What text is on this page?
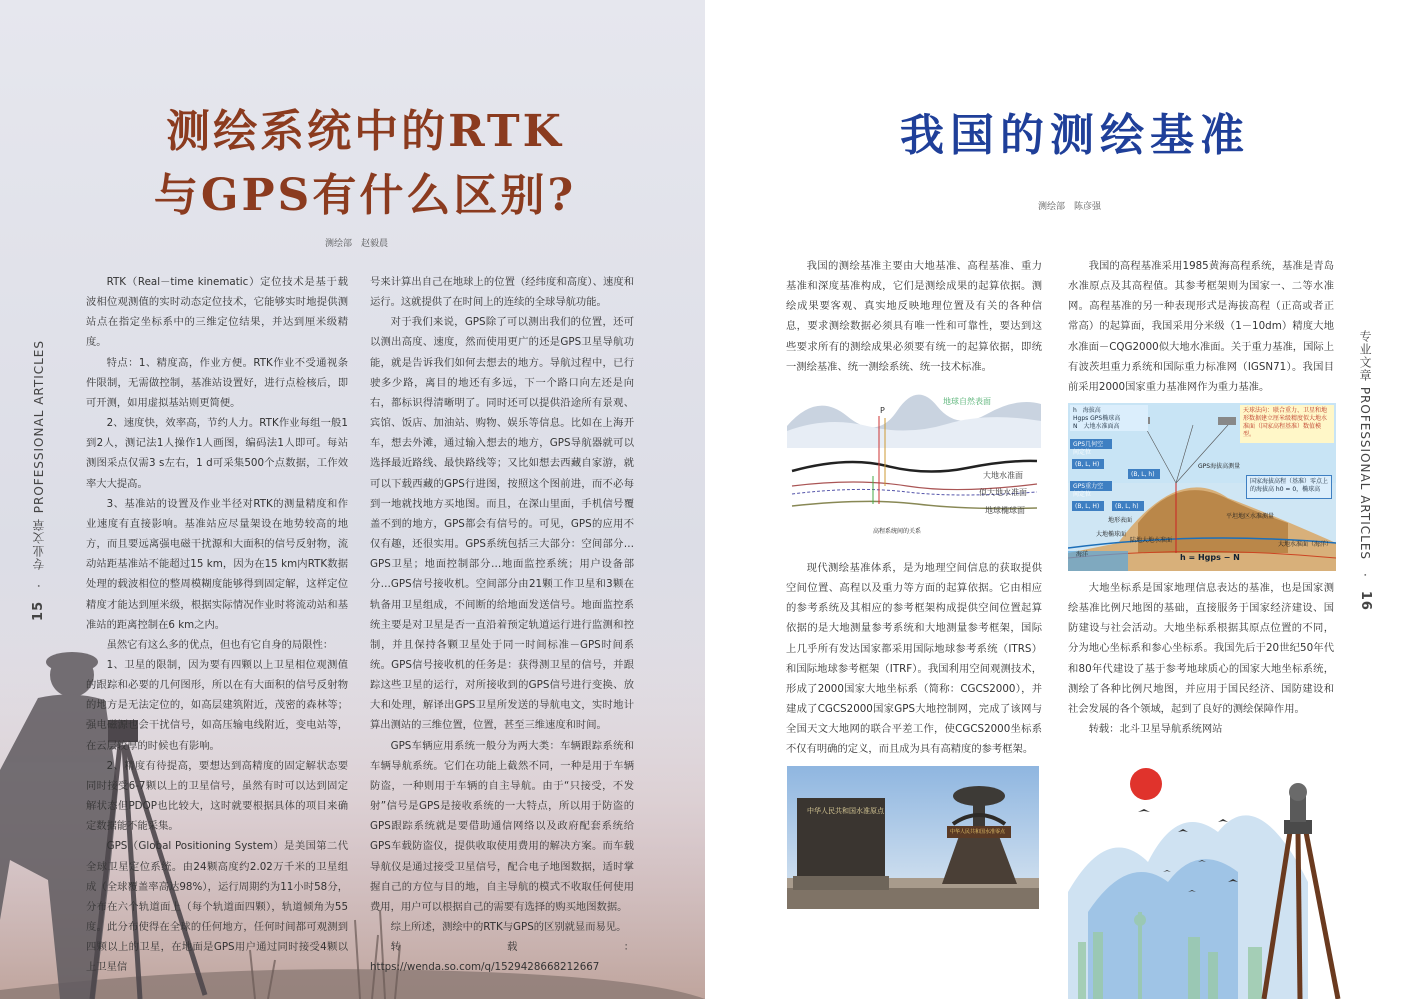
测绘系统中的RTK
与GPS有什么区别?
测绘部　赵毅晨
15　·　专业文章 PROFESSIONAL ARTICLES

RTK（Real－time kinematic）定位技术是基于载波相位观测值的实时动态定位技术，它能够实时地提供测站点在指定坐标系中的三维定位结果，并达到厘米级精度。

特点：1、精度高，作业方便。RTK作业不受通视条件限制，无需做控制，基准站设置好，进行点检核后，即可开测，如用虚拟基站则更简便。

2、速度快，效率高，节约人力。RTK作业每组一般1到2人，测记法1人操作1人画图，编码法1人即可。每站测图采点仅需3 s左右，1 d可采集500个点数据，工作效率大大提高。

3、基准站的设置及作业半径对RTK的测量精度和作业速度有直接影响。基准站应尽量架设在地势较高的地方，而且要远离强电磁干扰源和大面积的信号反射物，流动站距基准站不能超过15 km，因为在15 km内RTK数据处理的载波相位的整周模糊度能够得到固定解，这样定位精度才能达到厘米级，根据实际情况作业时将流动站和基准站的距离控制在6 km之内。

虽然它有这么多的优点，但也有它自身的局限性：

1、卫星的限制，因为要有四颗以上卫星相位观测值的跟踪和必要的几何图形，所以在有大面积的信号反射物的地方是无法定位的，如高层建筑附近，茂密的森林等；强电磁源也会干扰信号，如高压输电线附近，变电站等，在云层较厚的时候也有影响。

2、精度有待提高，要想达到高精度的固定解状态要同时接受6-7颗以上的卫星信号，虽然有时可以达到固定解状态但PDOP也比较大，这时就要根据具体的项目来确定数据能不能采集。

GPS（Global Positioning System）是美国第二代全球卫星定位系统。由24颗高度约2.02万千米的卫星组成（全球覆盖率高达98%），运行周期约为11小时58分，分布在六个轨道面上（每个轨道面四颗），轨道倾角为55度。此分布使得在全球的任何地方，任何时间都可观测到四颗以上的卫星，在地面是GPS用户通过同时接受4颗以上卫星信

号来计算出自己在地球上的位置（经纬度和高度）、速度和运行。这就提供了在时间上的连续的全球导航功能。

对于我们来说，GPS除了可以测出我们的位置，还可以测出高度、速度，然而使用更广的还是GPS卫星导航功能，就是告诉我们如何去想去的地方。导航过程中，已行驶多少路，离目的地还有多远，下一个路口向左还是向右，都标识得清晰明了。同时还可以提供沿途所有景观、宾馆、饭店、加油站、购物、娱乐等信息。比如在上海开车，想去外滩，通过输入想去的地方，GPS导航器就可以选择最近路线、最快路线等；又比如想去西藏自家游，就可以下载西藏的GPS行进图，按照这个图前进，而不必每到一地就找地方买地图。而且，在深山里面，手机信号覆盖不到的地方，GPS都会有信号的。可见，GPS的应用不仅有趣，还很实用。GPS系统包括三大部分：空间部分…GPS卫星；地面控制部分…地面监控系统；用户设备部分…GPS信号接收机。空间部分由21颗工作卫星和3颗在轨备用卫星组成，不间断的给地面发送信号。地面监控系统主要是对卫星是否一直沿着预定轨道运行进行监测和控制，并且保持各颗卫星处于同一时间标准－GPS时间系统。GPS信号接收机的任务是：获得测卫星的信号，并跟踪这些卫星的运行，对所接收到的GPS信号进行变换、放大和处理，解译出GPS卫星所发送的导航电文，实时地计算出测站的三维位置，位置，甚至三维速度和时间。

GPS车辆应用系统一般分为两大类：车辆跟踪系统和车辆导航系统。它们在功能上截然不同，一种是用于车辆防盗，一种则用于车辆的自主导航。由于“只接受，不发射”信号是GPS是接收系统的一大特点，所以用于防盗的GPS跟踪系统就是要借助通信网络以及政府配套系统给GPS车载防盗仪，提供收取使用费用的解决方案。而车载导航仪是通过接受卫星信号，配合电子地图数据，适时掌握自己的方位与目的地，自主导航的模式不收取任何使用费用，用户可以根据自己的需要有选择的购买地图数据。

综上所述，测绘中的RTK与GPS的区别就显而易见。

转载：https://wenda.so.com/q/1529428668212667

我国的测绘基准
测绘部　陈彦强
专业文章 PROFESSIONAL ARTICLES　·　16

我国的测绘基准主要由大地基准、高程基准、重力基准和深度基准构成，它们是测绘成果的起算依据。测绘成果要客观、真实地反映地理位置及有关的各种信息，要求测绘数据必须具有唯一性和可靠性，要达到这些要求所有的测绘成果必须要有统一的起算依据，即统一测绘基准、统一测绘系统、统一技术标准。

我国的高程基准采用1985黄海高程系统，基准是青岛水准原点及其高程值。其参考框架则为国家一、二等水准网。高程基准的另一种表现形式是海拔高程（正高或者正常高）的起算面，我国采用分米级（1－10dm）精度大地水准面－CQG2000似大地水准面。关于重力基准，国际上有波茨坦重力系统和国际重力标准网（IGSN71）。我国目前采用2000国家重力基准网作为重力基准。

P
地球自然表面
大地水准面
似大地水准面
地球椭球面
高程系统间的关系
h　海拔高
Hgps GPS椭球高
N　大地水准面高
天球法向：联合重力、卫星和地形数据建立厘米级精度似大地水准面（国家高程基准）数值模型。
GPS几何空间定位
(B, L, H)
(B, L, h)
GPS重力空间定位
(B, L, H)	(B, L, h)
GPS海拔高测量
国家海拔高程（基准）零点上的海拔高 h0 = 0，椭球高
大地椭球面
平坦地区水准测量
地形表面
陆地大地水准面
海洋
大地水准面（海洋）
h = Hgps − N

现代测绘基准体系，是为地理空间信息的获取提供空间位置、高程以及重力等方面的起算依据。它由相应的参考系统及其相应的参考框架构成提供空间位置起算依据的是大地测量参考系统和大地测量参考框架，国际上几乎所有发达国家都采用国际地球参考系统（ITRS）和国际地球参考框架（ITRF）。我国利用空间观测技术，形成了2000国家大地坐标系（简称：CGCS2000），并建成了CGCS2000国家GPS大地控制网，完成了该网与全国天文大地网的联合平差工作，使CGCS2000坐标系不仅有明确的定义，而且成为具有高精度的参考框架。

大地坐标系是国家地理信息表达的基准，也是国家测绘基准比例尺地图的基础，直接服务于国家经济建设、国防建设与社会活动。大地坐标系根据其原点位置的不同，分为地心坐标系和参心坐标系。我国先后于20世纪50年代和80年代建设了基于参考地球质心的国家大地坐标系统，测绘了各种比例尺地图，并应用于国民经济、国防建设和社会发展的各个领域，起到了良好的测绘保障作用。

转载：北斗卫星导航系统网站

中华人民共和国水准原点
中华人民共和国水准零点
